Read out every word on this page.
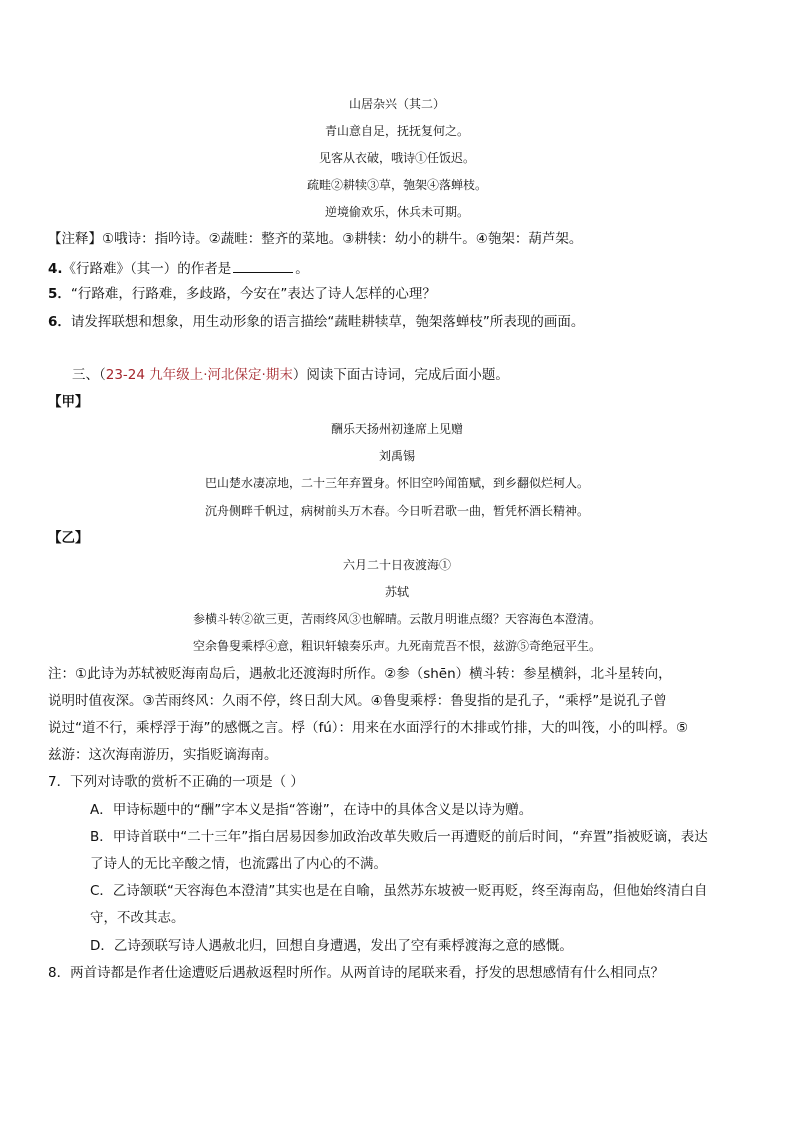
山居杂兴（其二）
青山意自足，抚抚复何之。
见客从衣破，哦诗①任饭迟。
疏畦②耕犊③草，匏架④落蝉枝。
逆境偷欢乐，休兵未可期。
【注释】①哦诗：指吟诗。②蔬畦：整齐的菜地。③耕犊：幼小的耕牛。④匏架：葫芦架。
4.《行路难》（其一）的作者是	。
5．“行路难，行路难，多歧路，今安在”表达了诗人怎样的心理？
6．请发挥联想和想象，用生动形象的语言描绘“蔬畦耕犊草，匏架落蝉枝”所表现的画面。
三、（23-24 九年级上·河北保定·期末）阅读下面古诗词，完成后面小题。
【甲】
酬乐天扬州初逢席上见赠
刘禹锡
巴山楚水凄凉地，二十三年弃置身。怀旧空吟闻笛赋，到乡翻似烂柯人。
沉舟侧畔千帆过，病树前头万木春。今日听君歌一曲，暂凭杯酒长精神。
【乙】
六月二十日夜渡海①
苏轼
参横斗转②欲三更，苦雨终风③也解晴。云散月明谁点缀？天容海色本澄清。
空余鲁叟乘桴④意，粗识轩辕奏乐声。九死南荒吾不恨，兹游⑤奇绝冠平生。
注：①此诗为苏轼被贬海南岛后，遇赦北还渡海时所作。②参（shēn）横斗转：参星横斜，北斗星转向，
说明时值夜深。③苦雨终风：久雨不停，终日刮大风。④鲁叟乘桴：鲁叟指的是孔子，“乘桴”是说孔子曾
说过“道不行，乘桴浮于海”的感慨之言。桴（fú）：用来在水面浮行的木排或竹排，大的叫筏，小的叫桴。⑤
兹游：这次海南游历，实指贬谪海南。
7．下列对诗歌的赏析不正确的一项是（ ）
A．甲诗标题中的“酬”字本义是指“答谢”，在诗中的具体含义是以诗为赠。
B．甲诗首联中“二十三年”指白居易因参加政治改革失败后一再遭贬的前后时间，“弃置”指被贬谪，表达
了诗人的无比辛酸之情，也流露出了内心的不满。
C．乙诗颔联“天容海色本澄清”其实也是在自喻，虽然苏东坡被一贬再贬，终至海南岛，但他始终清白自
守，不改其志。
D．乙诗颈联写诗人遇赦北归，回想自身遭遇，发出了空有乘桴渡海之意的感慨。
8．两首诗都是作者仕途遭贬后遇赦返程时所作。从两首诗的尾联来看，抒发的思想感情有什么相同点？
